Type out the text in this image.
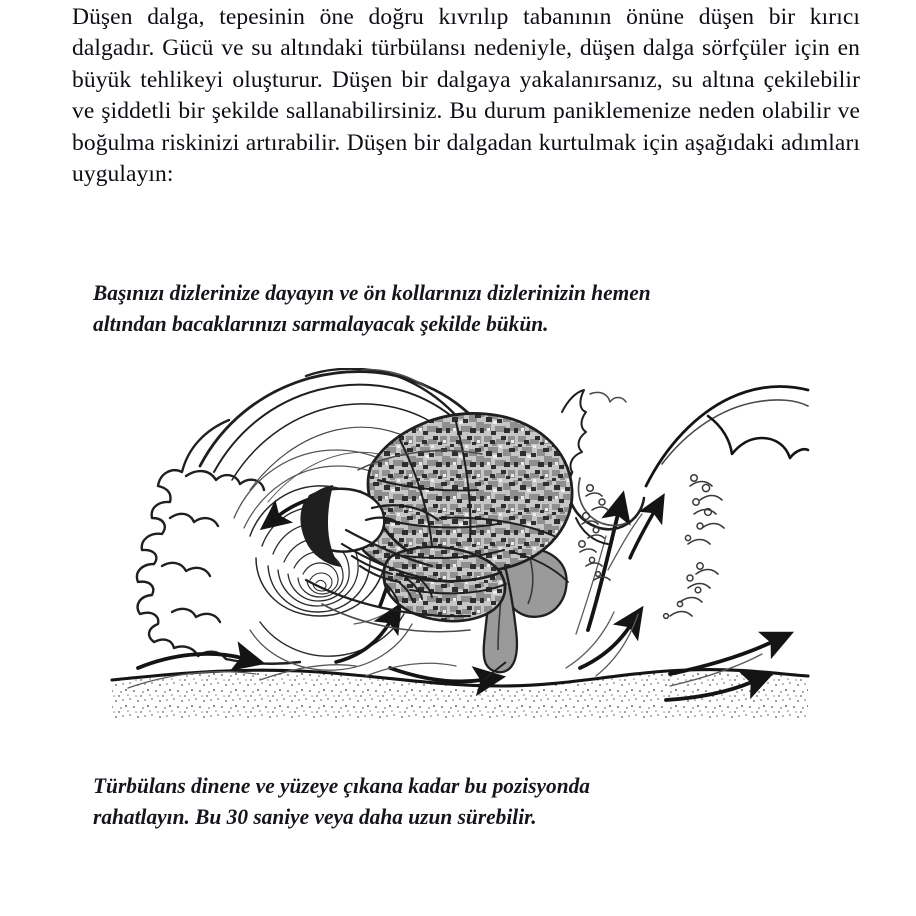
Düşen dalga, tepesinin öne doğru kıvrılıp tabanının önüne düşen bir kırıcı dalgadır. Gücü ve su altındaki türbülansı nedeniyle, düşen dalga sörfçüler için en büyük tehlikeyi oluşturur. Düşen bir dalgaya yakalanırsanız, su altına çekilebilir ve şiddetli bir şekilde sallanabilirsiniz. Bu durum paniklemenize neden olabilir ve boğulma riskinizi artırabilir. Düşen bir dalgadan kurtulmak için aşağıdaki adımları uygulayın:

Başınızı dizlerinize dayayın ve ön kollarınızı dizlerinizin hemen
altından bacaklarınızı sarmalayacak şekilde bükün.
Türbülans dinene ve yüzeye çıkana kadar bu pozisyonda
rahatlayın. Bu 30 saniye veya daha uzun sürebilir.
